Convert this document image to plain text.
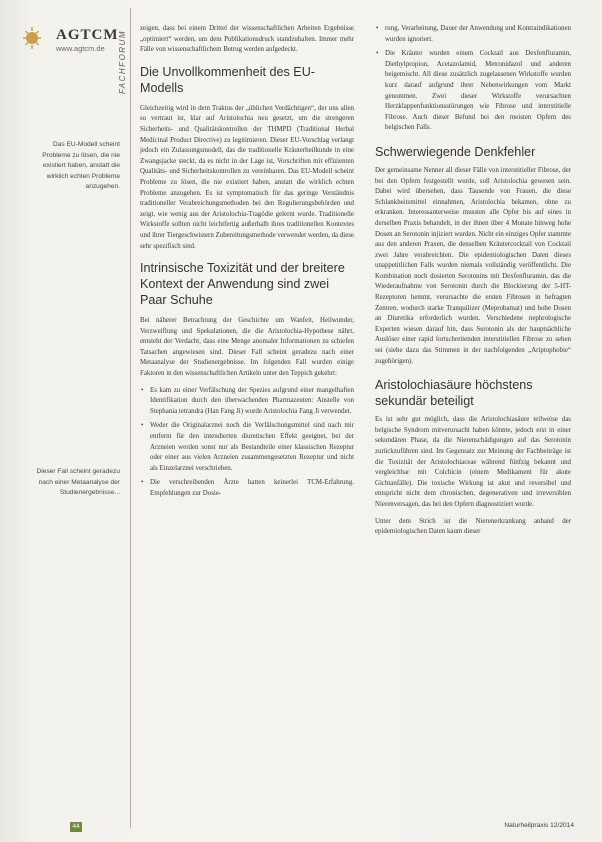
AGTCM
www.agtcm.de FACHFORUM
Das EU-Modell scheint Probleme zu lösen, die nie existiert haben, anstatt die wirklich echten Probleme anzugehen.
Dieser Fall scheint geradezu nach einer Metaanalyse der Studienergebnisse...

zeigen, dass bei einem Drittel der wissenschaftlichen Arbeiten Ergebnisse „optimiert“ werden, um dem Publikationsdruck standzuhalten. Immer mehr Fälle von wissenschaftlichem Betrug werden aufgedeckt.

Die Unvollkommenheit des EU-Modells

Gleichzeitig wird in dem Traktus der „üblichen Verdächtigen“, der uns allen so vertraut ist, klar auf Aristolochia neu gesetzt, um die strengeren Sicherheits- und Qualitätskontrollen der THMPD (Traditional Herbal Medicinal Product Directive) zu legitimieren. Dieser EU-Vorschlag verlangt jedoch ein Zulassungsmodell, das die traditionelle Kräuterheilkunde in eine Zwangsjacke steckt, da es nicht in der Lage ist, Vorschriften mit effizienten Qualitäts- und Sicherheitskontrollen zu vereinbaren. Das EU-Modell scheint Probleme zu lösen, die nie existiert haben, anstatt die wirklich echten Probleme anzugehen. Es ist symptomatisch für das geringe Verständnis traditioneller Verabreichungsmethoden bei den Regulierungsbehörden und zeigt, wie wenig aus der Aristolochia-Tragödie gelernt wurde. Traditionelle Wirkstoffe sollten nicht leichtfertig außerhalb ihres traditionellen Kontextes und ihrer Tiergeschwistern Zubereitungsmethode verwendet werden, da diese sehr spezifisch sind.

Intrinsische Toxizität und der breitere Kontext der Anwendung sind zwei Paar Schuhe

Bei näherer Betrachtung der Geschichte um Wanfeit, Heilwunder, Verzweiflung und Spekulationen, die die Aristolochia-Hypothese nährt, entsteht der Verdacht, dass eine Menge anomaler Informationen zu schiefen Tatsachen angewiesen sind. Dieser Fall scheint geradezu nach einer Metaanalyse der Studienergebnisse. Im folgenden Fall wurden einige Faktoren in den wissenschaftlichen Artikeln unter den Teppich gekehrt:

• Es kam zu einer Verfälschung der Spezies aufgrund einer mangelhaften Identifikation durch den überwachenden Pharmazeuten: Anstelle von Stephania tetrandra (Han Fang Ji) wurde Aristolochia Fang Ji verwendet.
• Weder die Originalarznei noch die Verfälschungsmittel sind nach mir entfernt für den intendierten diuretischen Effekt geeignet, bei der Arzneien werden sonst nur als Bestandteile einer klassischen Rezeptur oder einer aus vielen Arzneien zusammengesetzten Rezeptur und nicht als Einzelarznei verschrieben.
• Die verschreibenden Ärzte hatten keinerlei TCM-Erfahrung. Empfehlungen zur Dosie-
• rung, Verarbeitung, Dauer der Anwendung und Kontraindikationen wurden ignoriert.
• Die Kräuter wurden einem Cocktail aus Dexfenfluramin, Diethylpropion, Acetazolamid, Metronidazol und anderen beigemischt. All diese zusätzlich zugelassenen Wirkstoffe wurden kurz darauf aufgrund ihrer Nebenwirkungen vom Markt genommen. Zwei dieser Wirkstoffe verursachten Herzklappenfunktionsstörungen wie Fibrose und interstitielle Fibrose. Auch dieser Befund bei den meisten Opfern des belgischen Falls.
Schwerwiegende Denkfehler

Der gemeinsame Nenner all dieser Fälle von interstitieller Fibrose, der bei den Opfern festgestellt wurde, soll Aristolochia gewesen sein. Dabei wird übersehen, dass Tausende von Frauen, die diese Schlankheitsmittel einnahmen, Aristolochia bekamen, ohne zu erkranken. Interessanterweise mussten alle Opfer bis auf eines in derselben Praxis behandelt, in der ihnen über 4 Monate hinweg hohe Dosen an Serotonin injiziert wurden. Nicht ein einziges Opfer stammte aus den anderen Praxen, die denselben Kräutercocktail von Cocktail zwei Jahre verabreichten. Die epidemiologischen Daten dieses unappetitlichen Falls wurden niemals vollständig veröffentlicht. Die Kombination noch dosierten Serotonins mit Dexfenfluramin, das die Wiederaufnahme von Serotonin durch die Blockierung der 5-HT-Rezeptoren hemmt, verursachte die ersten Fibrosen in befragten Zentren, wodurch starke Tranquilizer (Meprobamat) und hohe Dosen an Diuretika erforderlich wurden. Verschiedene nephrologische Experten wiesen darauf hin, dass Serotonin als der hauptsächliche Auslöser einer rapid fortschreitenden interstitiellen Fibrose zu sehen sei (siehe dazu das Stimmen in der nachfolgenden „Ariptophobie“ zugehörigen).

Aristolochiasäure höchstens sekundär beteiligt

Es ist sehr gut möglich, dass die Aristolochiasäure teilweise das belgische Syndrom mitverursacht haben könnte, jedoch erst in einer sekundären Phase, da die Nierenschädigungen auf das Serotonin zurückzuführen sind. Im Gegensatz zur Meinung der Fachbeiträge ist die Toxizität der Aristolochiaceae während fünfzig bekannt und vergleichbar mit Colchicin (einem Medikament für akute Gichtanfälle). Die toxische Wirkung ist akut und reversibel und entspricht nicht dem chronischen, degenerativen und irreversiblen Nierenversagen, das bei den Opfern diagnostiziert wurde.

Unter dem Strich ist die Nierenerkrankung anhand der epidemiologischen Daten kaum dieser

44	Naturheilpraxis 12/2014
